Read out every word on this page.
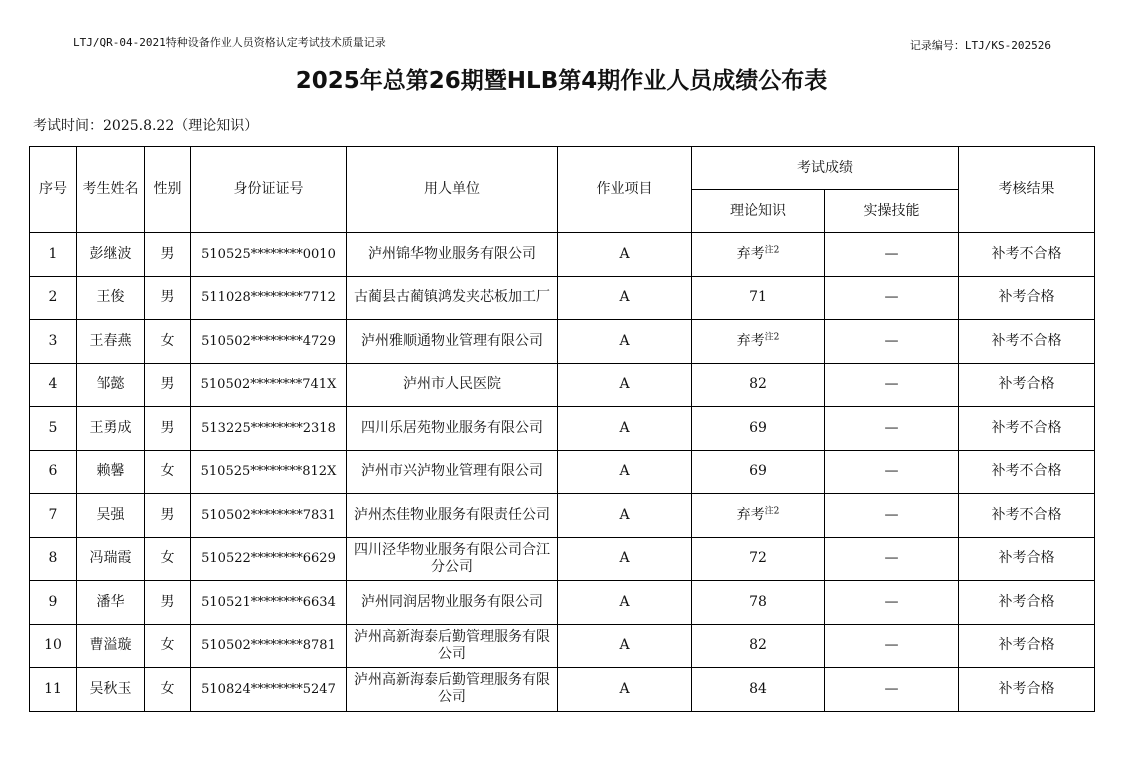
LTJ/QR-04-2021特种设备作业人员资格认定考试技术质量记录	记录编号：LTJ/KS-202526
2025年总第26期暨HLB第4期作业人员成绩公布表
考试时间：2025.8.22（理论知识）
序号	考生姓名	性别	身份证证号	用人单位	作业项目	考试成绩		考核结果
						理论知识	实操技能	
1	彭继波	男	510525********0010	泸州锦华物业服务有限公司	A	弃考$^{注2}$	—	补考不合格
2	王俊	男	511028********7712	古蔺县古蔺镇鸿发夹芯板加工厂	A	71	—	补考合格
3	王春燕	女	510502********4729	泸州雅顺通物业管理有限公司	A	弃考$^{注2}$	—	补考不合格
4	邹懿	男	510502********741X	泸州市人民医院	A	82	—	补考合格
5	王勇成	男	513225********2318	四川乐居苑物业服务有限公司	A	69	—	补考不合格
6	赖馨	女	510525********812X	泸州市兴泸物业管理有限公司	A	69	—	补考不合格
7	吴强	男	510502********7831	泸州杰佳物业服务有限责任公司	A	弃考$^{注2}$	—	补考不合格
8	冯瑞霞	女	510522********6629	四川泾华物业服务有限公司合江分公司	A	72	—	补考合格
9	潘华	男	510521********6634	泸州同润居物业服务有限公司	A	78	—	补考合格
10	曹溢璇	女	510502********8781	泸州高新海泰后勤管理服务有限公司	A	82	—	补考合格
11	吴秋玉	女	510824********5247	泸州高新海泰后勤管理服务有限公司	A	84	—	补考合格
